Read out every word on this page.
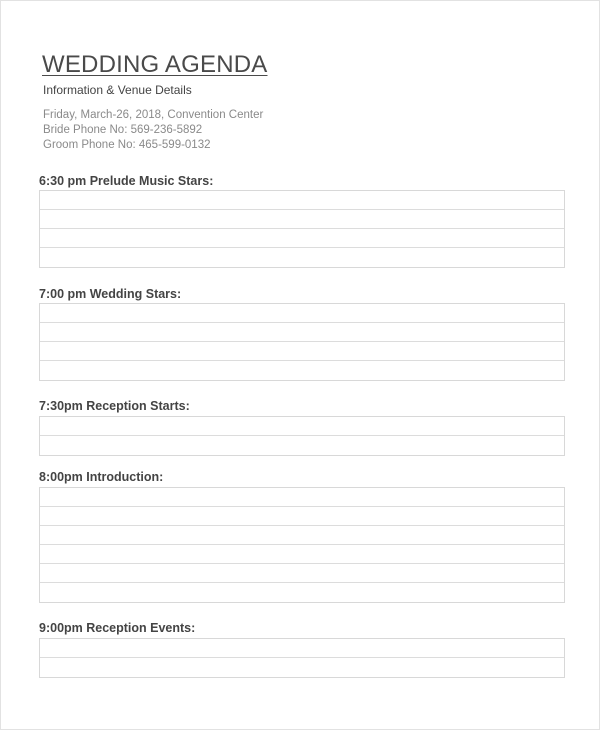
WEDDING AGENDA
Information & Venue Details
Friday, March-26, 2018, Convention Center
Bride Phone No: 569-236-5892
Groom Phone No: 465-599-0132
6:30 pm Prelude Music Stars:
7:00 pm Wedding Stars:
7:30pm Reception Starts:
8:00pm Introduction:
9:00pm Reception Events:
